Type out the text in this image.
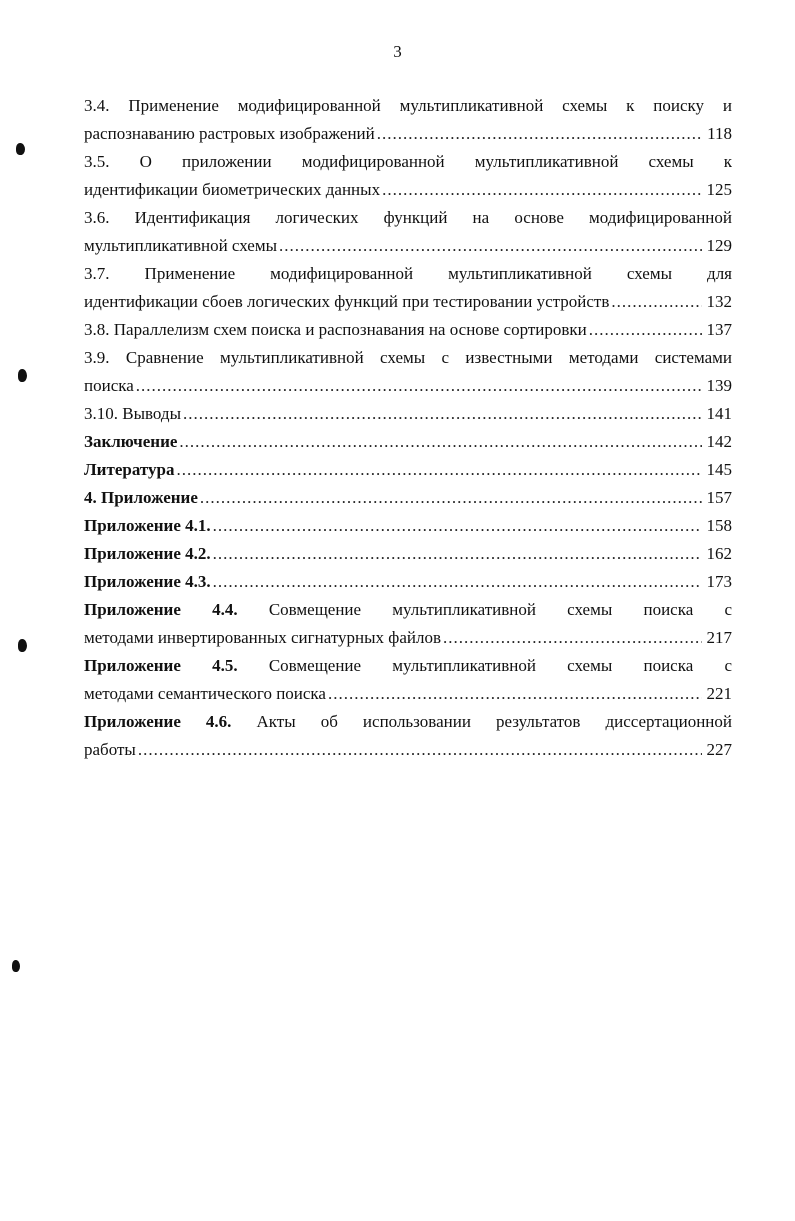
3
3.4. Применение модифицированной мультипликативной схемы к поиску и
распознаванию растровых изображений .....	118
3.5. О приложении модифицированной мультипликативной схемы к
идентификации биометрических данных .....	125
3.6. Идентификация логических функций на основе модифицированной
мультипликативной схемы .....	129
3.7. Применение модифицированной мультипликативной схемы для
идентификации сбоев логических функций при тестировании устройств .....	132
3.8. Параллелизм схем поиска и распознавания на основе сортировки .....	137
3.9. Сравнение мультипликативной схемы с известными методами системами
поиска .....	139
3.10. Выводы .....	141
Заключение .....	142
Литература .....	145
4. Приложение .....	157
Приложение 4.1. .....	158
Приложение 4.2. .....	162
Приложение 4.3. .....	173
Приложение 4.4. Совмещение мультипликативной схемы поиска с
методами инвертированных сигнатурных файлов .....	217
Приложение 4.5. Совмещение мультипликативной схемы поиска с
методами семантического поиска .....	221
Приложение 4.6. Акты об использовании результатов диссертационной
работы .....	227
